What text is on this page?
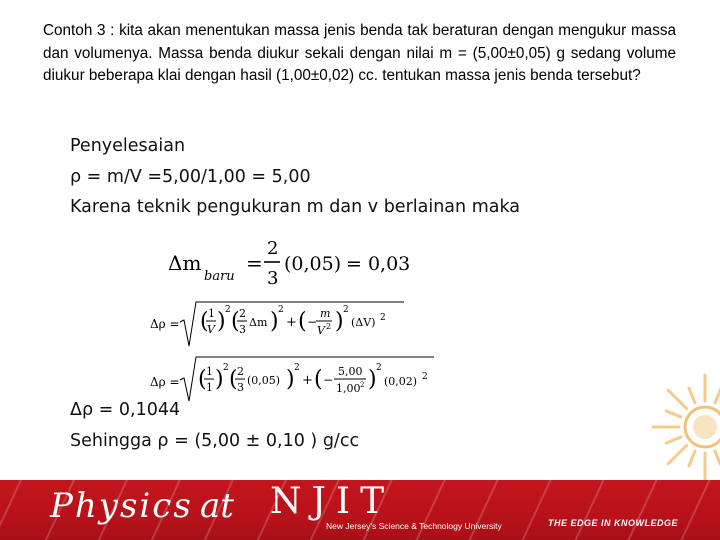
Contoh 3 : kita akan menentukan massa jenis benda tak beraturan dengan mengukur massa dan volumenya. Massa benda diukur sekali dengan nilai m = (5,00±0,05) g sedang volume diukur beberapa klai dengan hasil (1,00±0,02) cc. tentukan massa jenis benda tersebut?

Penyelesaian
ρ = m/V =5,00/1,00 = 5,00
Karena teknik pengukuran m dan v berlainan maka
Δρ = 0,1044
Sehingga ρ = (5,00 ± 0,10 ) g/cc
Δm
baru
=
2
3
(0,05) = 0,03
Δρ = ( 1
V ) 2 ( 2
3
Δm ) 2
+ ( −
m
V 2 ) 2
(ΔV) 2
Δρ = ( 1
1 ) 2 ( 2
3
(0,05) ) 2
+ ( −
5,00
1,00 2 ) 2
(0,02) 2
Physics at NJIT
New Jersey's Science & Technology University	THE EDGE IN KNOWLEDGE
